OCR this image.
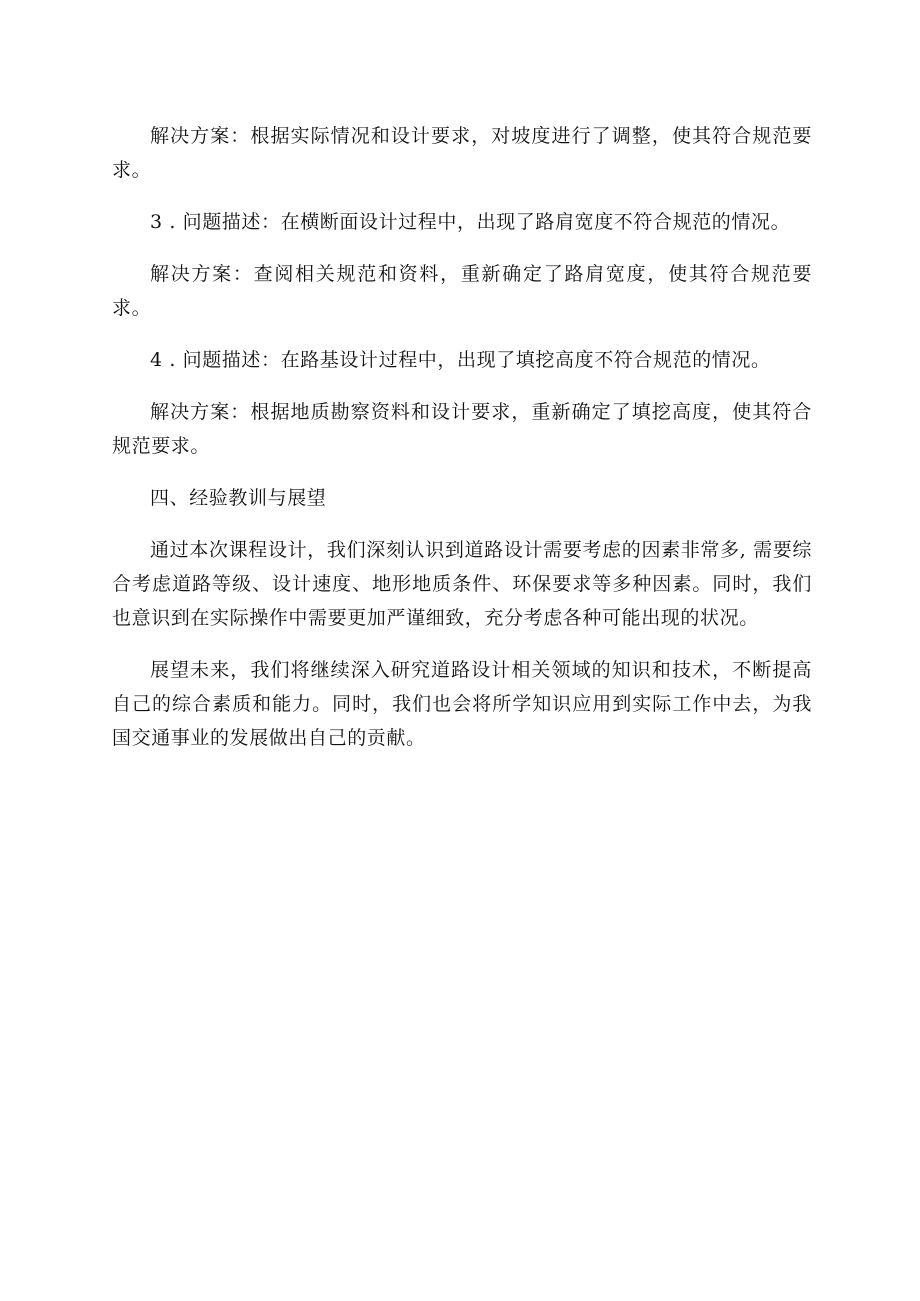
解决方案：根据实际情况和设计要求，对坡度进行了调整，使其符合规范要求。

3 . 问题描述：在横断面设计过程中，出现了路肩宽度不符合规范的情况。

解决方案：查阅相关规范和资料，重新确定了路肩宽度，使其符合规范要求。

4 . 问题描述：在路基设计过程中，出现了填挖高度不符合规范的情况。

解决方案：根据地质勘察资料和设计要求，重新确定了填挖高度，使其符合规范要求。

四、经验教训与展望

通过本次课程设计，我们深刻认识到道路设计需要考虑的因素非常多, 需要综合考虑道路等级、设计速度、地形地质条件、环保要求等多种因素。同时，我们也意识到在实际操作中需要更加严谨细致，充分考虑各种可能出现的状况。

展望未来，我们将继续深入研究道路设计相关领域的知识和技术，不断提高自己的综合素质和能力。同时，我们也会将所学知识应用到实际工作中去，为我国交通事业的发展做出自己的贡献。
